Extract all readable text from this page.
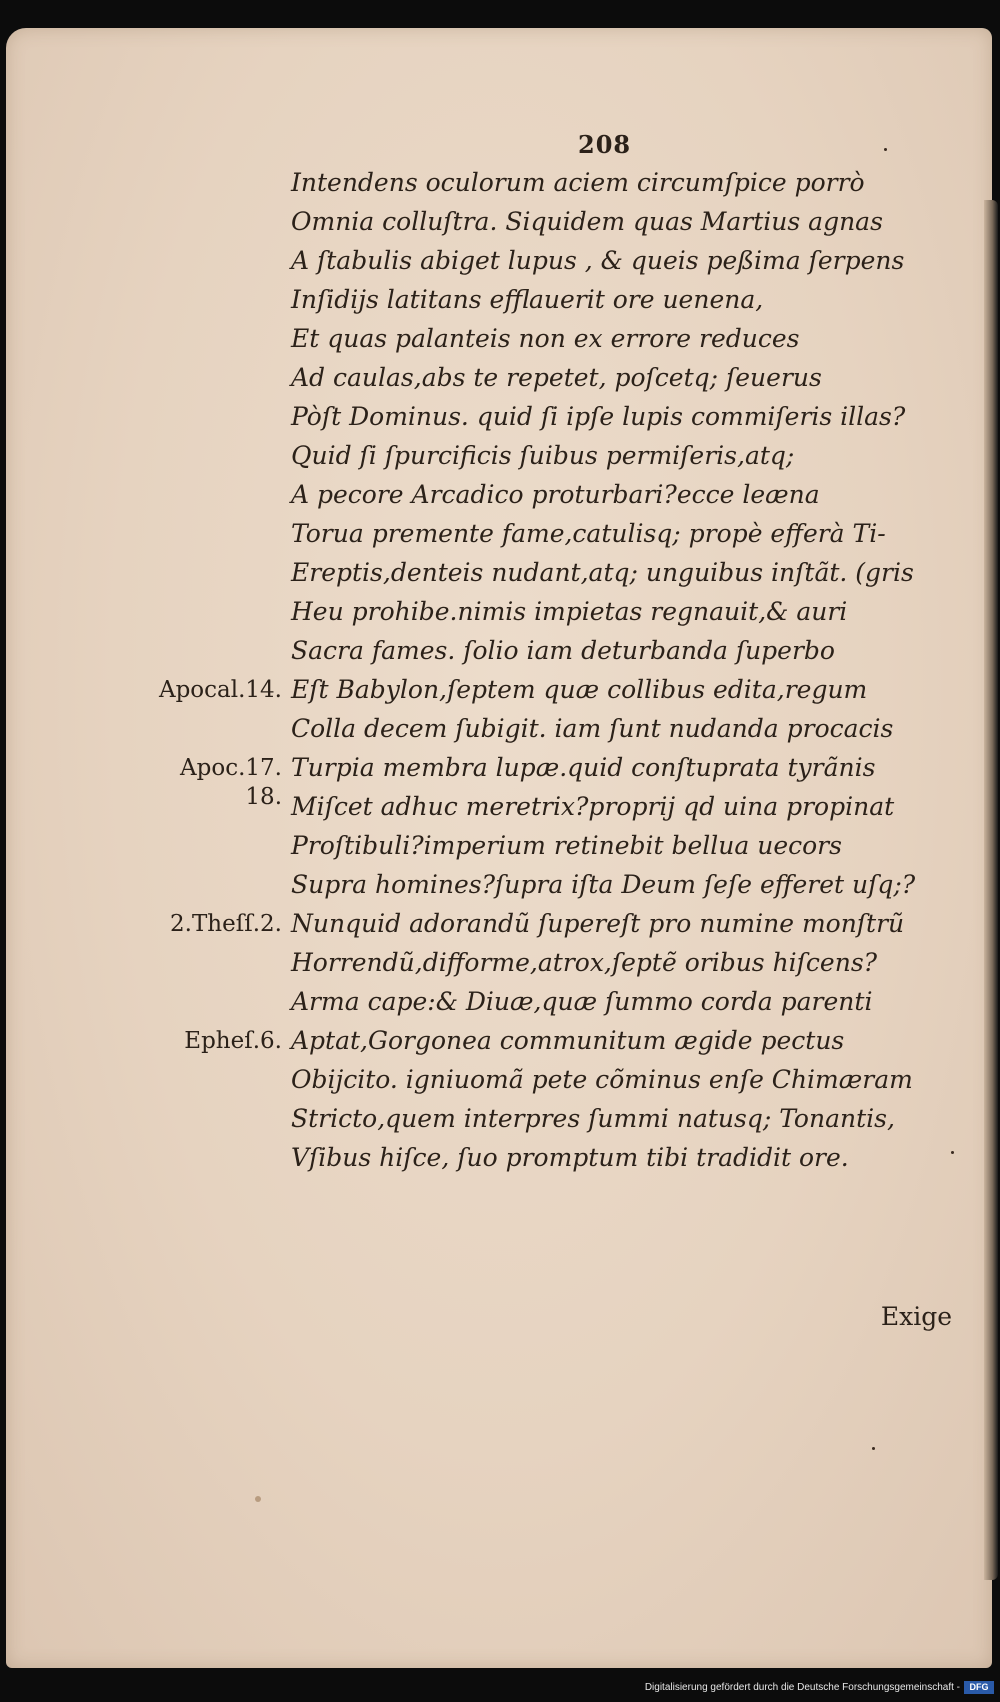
208
Intendens oculorum aciem circumſpice porrò
Omnia colluſtra. Siquidem quas Martius agnas
A ſtabulis abiget lupus , & queis peßima ſerpens
Inſidijs latitans efflauerit ore uenena,
Et quas palanteis non ex errore reduces
Ad caulas,abs te repetet, poſcetq; ſeuerus
Pòſt Dominus. quid ſi ipſe lupis commiſeris illas?
Quid ſi ſpurcificis ſuibus permiſeris,atq;
A pecore Arcadico proturbari?ecce leæna
Torua premente fame,catulisq; propè efferà Ti-
Ereptis,denteis nudant,atq; unguibus inſtãt. (gris
Heu prohibe.nimis impietas regnauit,& auri
Sacra fames. ſolio iam deturbanda ſuperbo
Eſt Babylon,ſeptem quæ collibus edita,regum
Colla decem ſubigit. iam ſunt nudanda procacis
Turpia membra lupæ.quid conſtuprata tyrãnis
Miſcet adhuc meretrix?proprij qd uina propinat
Proſtibuli?imperium retinebit bellua uecors
Supra homines?ſupra iſta Deum ſeſe efferet uſq;?
Nunquid adorandũ ſupereſt pro numine monſtrũ
Horrendũ,difforme,atrox,ſeptẽ oribus hiſcens?
Arma cape:& Diuæ,quæ ſummo corda parenti
Aptat,Gorgonea communitum ægide pectus
Obijcito. igniuomã pete cõminus enſe Chimæram
Stricto,quem interpres ſummi natusq; Tonantis,
Vſibus hiſce, ſuo promptum tibi tradidit ore.
Apocal.14.
Apoc.17.
18.
2.Theſſ.2.
Epheſ.6.
Exige
Digitalisierung gefördert durch die Deutsche Forschungsgemeinschaft -	DFG
